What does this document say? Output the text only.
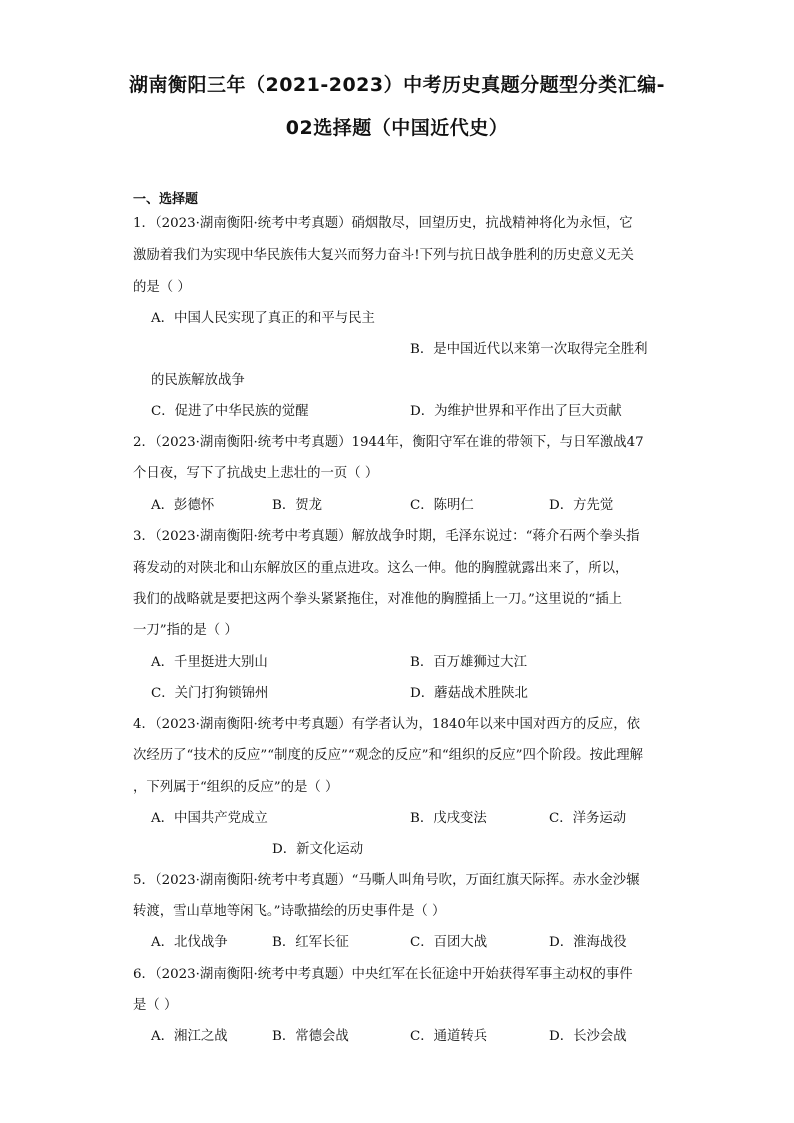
湖南衡阳三年（2021-2023）中考历史真题分题型分类汇编-
02选择题（中国近代史）
一、选择题
1．（2023·湖南衡阳·统考中考真题）硝烟散尽，回望历史，抗战精神将化为永恒，它
激励着我们为实现中华民族伟大复兴而努力奋斗!下列与抗日战争胜利的历史意义无关
的是（ ）
A．中国人民实现了真正的和平与民主
B．是中国近代以来第一次取得完全胜利
的民族解放战争
C．促进了中华民族的觉醒	D．为维护世界和平作出了巨大贡献
2．（2023·湖南衡阳·统考中考真题）1944年，衡阳守军在谁的带领下，与日军激战47
个日夜，写下了抗战史上悲壮的一页（ ）
A．彭德怀	B．贺龙	C．陈明仁	D．方先觉
3．（2023·湖南衡阳·统考中考真题）解放战争时期，毛泽东说过：“蒋介石两个拳头指
蒋发动的对陕北和山东解放区的重点进攻。这么一伸。他的胸膛就露出来了，所以，
我们的战略就是要把这两个拳头紧紧拖住，对准他的胸膛插上一刀。”这里说的“插上
一刀”指的是（ ）
A．千里挺进大别山	B．百万雄狮过大江
C．关门打狗锁锦州	D．蘑菇战术胜陕北
4．（2023·湖南衡阳·统考中考真题）有学者认为，1840年以来中国对西方的反应，依
次经历了“技术的反应”“制度的反应”“观念的反应”和“组织的反应”四个阶段。按此理解
，下列属于“组织的反应”的是（ ）
A．中国共产党成立	B．戊戌变法	C．洋务运动
D．新文化运动
5．（2023·湖南衡阳·统考中考真题）“马嘶人叫角号吹，万面红旗天际挥。赤水金沙辗
转渡，雪山草地等闲飞。”诗歌描绘的历史事件是（ ）
A．北伐战争	B．红军长征	C．百团大战	D．淮海战役
6．（2023·湖南衡阳·统考中考真题）中央红军在长征途中开始获得军事主动权的事件
是（ ）
A．湘江之战	B．常德会战	C．通道转兵	D．长沙会战
